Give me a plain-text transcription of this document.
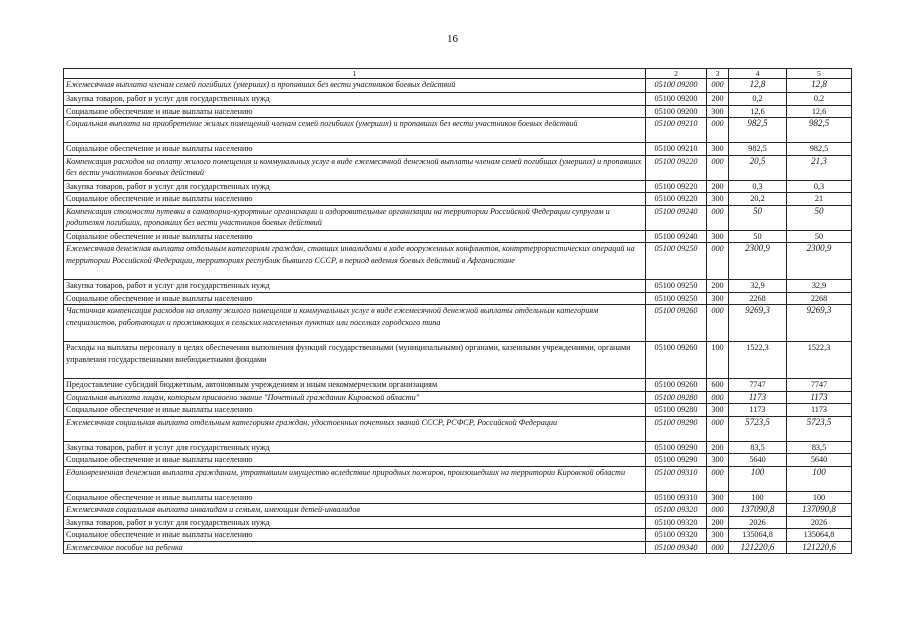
16
1	2	3	4	5
Ежемесячная выплата членам семей погибших (умерших) и пропавших без вести участников боевых действий	05100 09200	000	12,8	12,8
Закупка товаров, работ и услуг для государственных нужд	05100 09200	200	0,2	0,2
Социальное обеспечение и иные выплаты населению	05100 09200	300	12,6	12,6
Социальная выплата на приобретение жилых помещений членам семей погибших (умерших) и пропавших без вести участников боевых действий	05100 09210	000	982,5	982,5
Социальное обеспечение и иные выплаты населению	05100 09210	300	982,5	982,5
Компенсация расходов на оплату жилого помещения и коммунальных услуг в виде ежемесячной денежной выплаты членам семей погибших (умерших) и пропавших без вести участников боевых действий	05100 09220	000	20,5	21,3
Закупка товаров, работ и услуг для государственных нужд	05100 09220	200	0,3	0,3
Социальное обеспечение и иные выплаты населению	05100 09220	300	20,2	21
Компенсация стоимости путевки в санаторно-курортные организации и оздоровительные организации на территории Российской Федерации супругам и родителям погибших, пропавших без вести участников боевых действий	05100 09240	000	50	50
Социальное обеспечение и иные выплаты населению	05100 09240	300	50	50
Ежемесячная денежная выплата отдельным категориям граждан, ставших инвалидами в ходе вооруженных конфликтов, контртеррористических операций на территории Российской Федерации, территориях республик бывшего СССР, в период ведения боевых действий в Афганистане	05100 09250	000	2300,9	2300,9
Закупка товаров, работ и услуг для государственных нужд	05100 09250	200	32,9	32,9
Социальное обеспечение и иные выплаты населению	05100 09250	300	2268	2268
Частичная компенсация расходов на оплату жилого помещения и коммунальных услуг в виде ежемесячной денежной выплаты отдельным категориям специалистов, работающих и проживающих в сельских населенных пунктах или поселках городского типа	05100 09260	000	9269,3	9269,3
Расходы на выплаты персоналу в целях обеспечения выполнения функций государственными (муниципальными) органами, казенными учреждениями, органами управления государственными внебюджетными фондами	05100 09260	100	1522,3	1522,3
Предоставление субсидий бюджетным, автономным учреждениям и иным некоммерческим организациям	05100 09260	600	7747	7747
Социальная выплата лицам, которым присвоено звание "Почетный гражданин Кировской области"	05100 09280	000	1173	1173
Социальное обеспечение и иные выплаты населению	05100 09280	300	1173	1173
Ежемесячная социальная выплата отдельным категориям граждан, удостоенных почетных званий СССР, РСФСР, Российской Федерации	05100 09290	000	5723,5	5723,5
Закупка товаров, работ и услуг для государственных нужд	05100 09290	200	83,5	83,5
Социальное обеспечение и иные выплаты населению	05100 09290	300	5640	5640
Единовременная денежная выплата гражданам, утратившим имущество вследствие природных пожаров, произошедших на территории Кировской области	05100 09310	000	100	100
Социальное обеспечение и иные выплаты населению	05100 09310	300	100	100
Ежемесячная социальная выплата инвалидам и семьям, имеющим детей-инвалидов	05100 09320	000	137090,8	137090,8
Закупка товаров, работ и услуг для государственных нужд	05100 09320	200	2026	2026
Социальное обеспечение и иные выплаты населению	05100 09320	300	135064,8	135064,8
Ежемесячное пособие на ребенка	05100 09340	000	121220,6	121220,6
